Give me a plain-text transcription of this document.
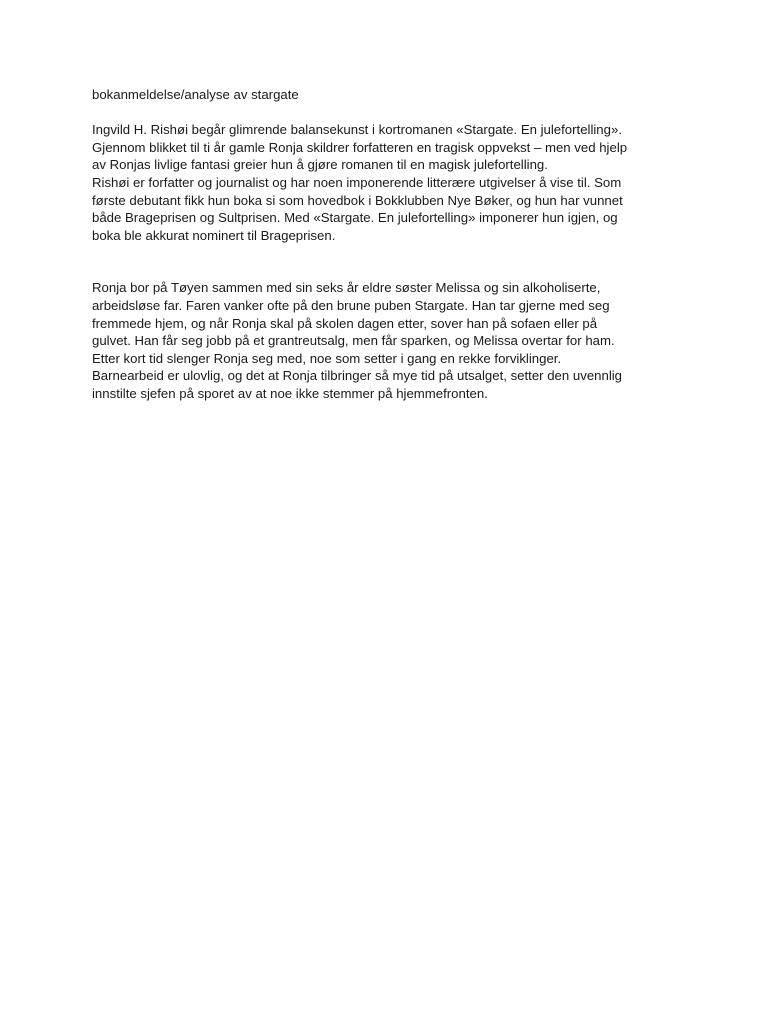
bokanmeldelse/analyse av stargate
Ingvild H. Rishøi begår glimrende balansekunst i kortromanen «Stargate. En julefortelling».
Gjennom blikket til ti år gamle Ronja skildrer forfatteren en tragisk oppvekst – men ved hjelp
av Ronjas livlige fantasi greier hun å gjøre romanen til en magisk julefortelling.
Rishøi er forfatter og journalist og har noen imponerende litterære utgivelser å vise til. Som
første debutant fikk hun boka si som hovedbok i Bokklubben Nye Bøker, og hun har vunnet
både Brageprisen og Sultprisen. Med «Stargate. En julefortelling» imponerer hun igjen, og
boka ble akkurat nominert til Brageprisen.
Ronja bor på Tøyen sammen med sin seks år eldre søster Melissa og sin alkoholiserte,
arbeidsløse far. Faren vanker ofte på den brune puben Stargate. Han tar gjerne med seg
fremmede hjem, og når Ronja skal på skolen dagen etter, sover han på sofaen eller på
gulvet. Han får seg jobb på et grantreutsalg, men får sparken, og Melissa overtar for ham.
Etter kort tid slenger Ronja seg med, noe som setter i gang en rekke forviklinger.
Barnearbeid er ulovlig, og det at Ronja tilbringer så mye tid på utsalget, setter den uvennlig
innstilte sjefen på sporet av at noe ikke stemmer på hjemmefronten.
